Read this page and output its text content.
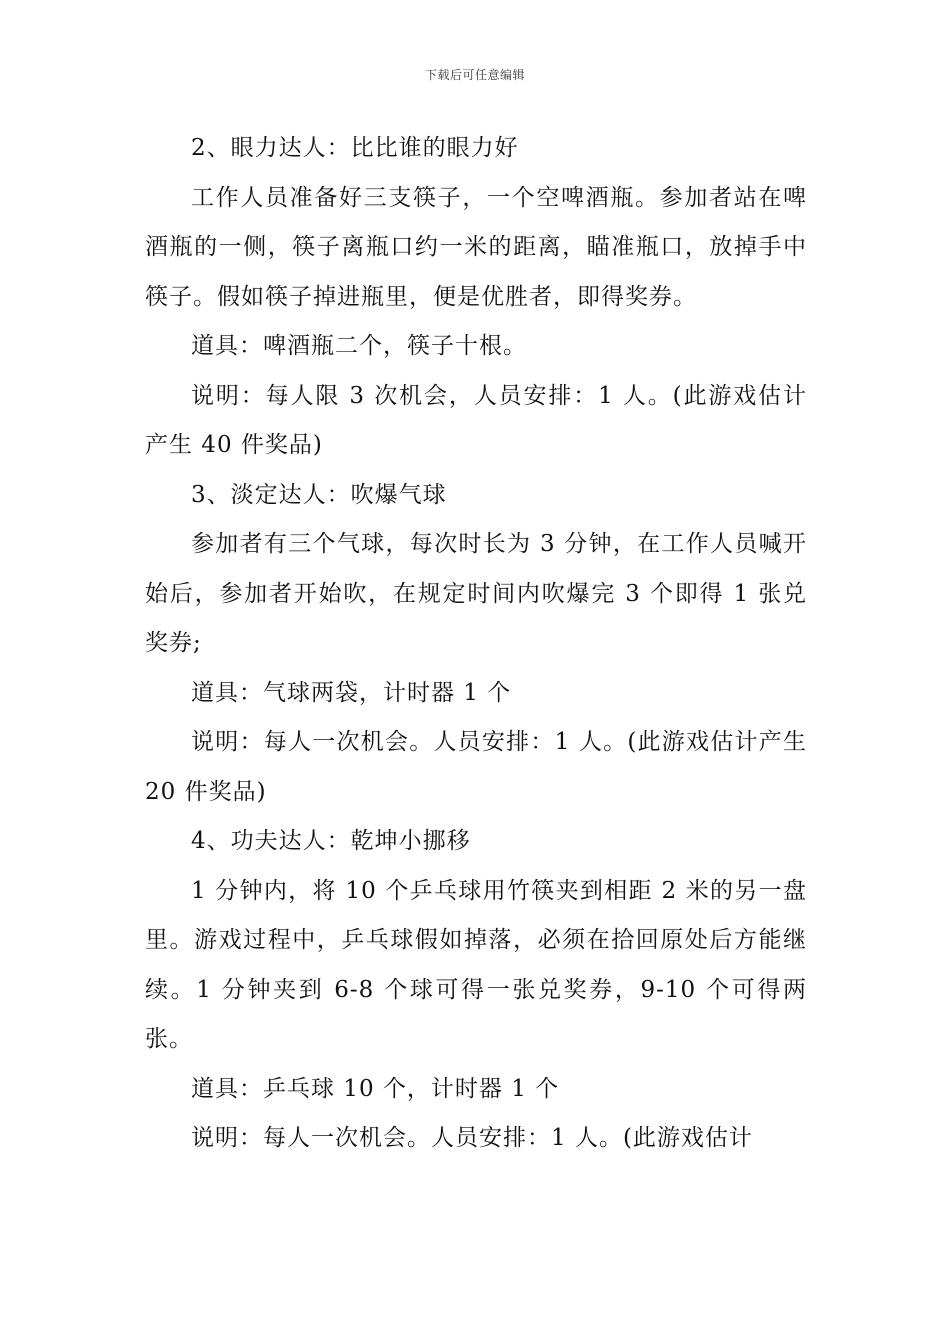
下载后可任意编辑

2、眼力达人：比比谁的眼力好

工作人员准备好三支筷子，一个空啤酒瓶。参加者站在啤酒瓶的一侧，筷子离瓶口约一米的距离，瞄准瓶口，放掉手中筷子。假如筷子掉进瓶里，便是优胜者，即得奖券。

道具：啤酒瓶二个，筷子十根。

说明：每人限 3 次机会，人员安排：1 人。(此游戏估计产生 40 件奖品)

3、淡定达人：吹爆气球

参加者有三个气球，每次时长为 3 分钟，在工作人员喊开始后，参加者开始吹，在规定时间内吹爆完 3 个即得 1 张兑奖券;

道具：气球两袋，计时器 1 个

说明：每人一次机会。人员安排：1 人。(此游戏估计产生 20 件奖品)

4、功夫达人：乾坤小挪移

1 分钟内，将 10 个乒乓球用竹筷夹到相距 2 米的另一盘里。游戏过程中，乒乓球假如掉落，必须在拾回原处后方能继续。1 分钟夹到 6-8 个球可得一张兑奖券，9-10 个可得两张。

道具：乒乓球 10 个，计时器 1 个

说明：每人一次机会。人员安排：1 人。(此游戏估计
